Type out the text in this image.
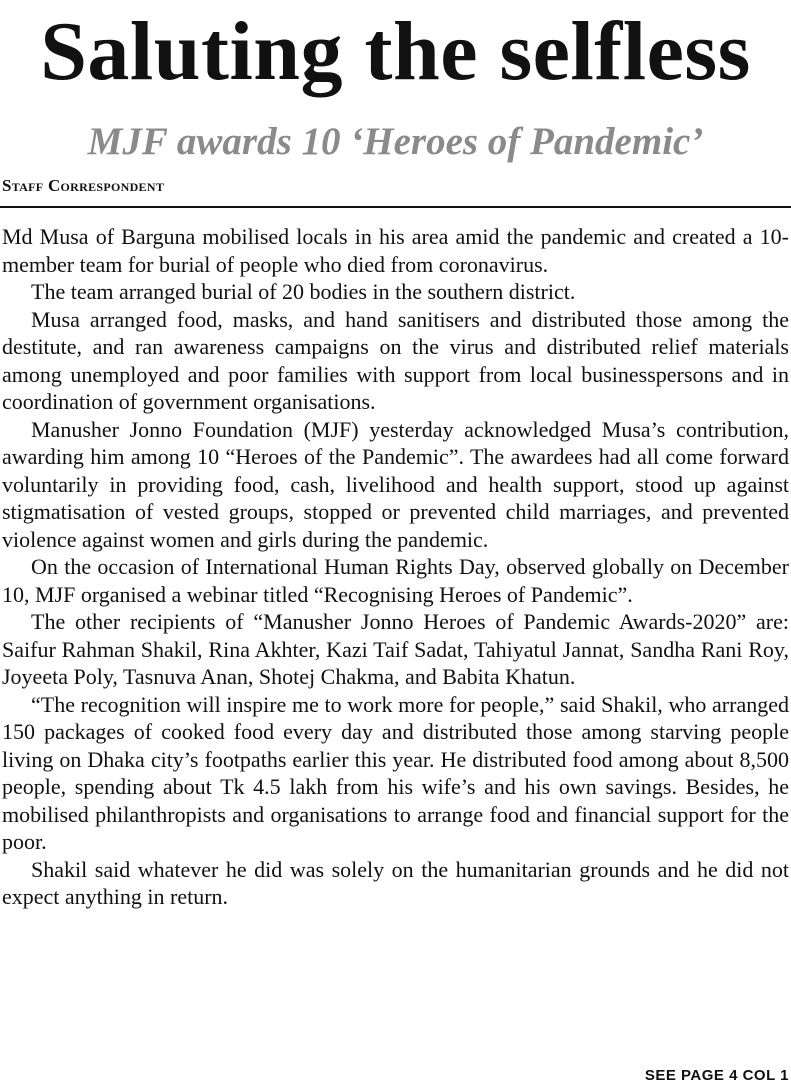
Saluting the selfless
MJF awards 10 ‘Heroes of Pandemic’
Staff Correspondent

Md Musa of Barguna mobilised locals in his area amid the pandemic and created a 10-member team for burial of people who died from coronavirus.

The team arranged burial of 20 bodies in the southern district.

Musa arranged food, masks, and hand sanitisers and distributed those among the destitute, and ran awareness campaigns on the virus and distributed relief materials among unemployed and poor families with support from local businesspersons and in coordination of government organisations.

Manusher Jonno Foundation (MJF) yesterday acknowledged Musa’s contribution, awarding him among 10 “Heroes of the Pandemic”. The awardees had all come forward voluntarily in providing food, cash, livelihood and health support, stood up against stigmatisation of vested groups, stopped or prevented child marriages, and prevented violence against women and girls during the pandemic.

On the occasion of International Human Rights Day, observed globally on December 10, MJF organised a webinar titled “Recognising Heroes of Pandemic”.

The other recipients of “Manusher Jonno Heroes of Pandemic Awards-2020” are: Saifur Rahman Shakil, Rina Akhter, Kazi Taif Sadat, Tahiyatul Jannat, Sandha Rani Roy, Joyeeta Poly, Tasnuva Anan, Shotej Chakma, and Babita Khatun.

“The recognition will inspire me to work more for people,” said Shakil, who arranged 150 packages of cooked food every day and distributed those among starving people living on Dhaka city’s footpaths earlier this year. He distributed food among about 8,500 people, spending about Tk 4.5 lakh from his wife’s and his own savings. Besides, he mobilised philanthropists and organisations to arrange food and financial support for the poor.

Shakil said whatever he did was solely on the humanitarian grounds and he did not expect anything in return.

SEE PAGE 4 COL 1
